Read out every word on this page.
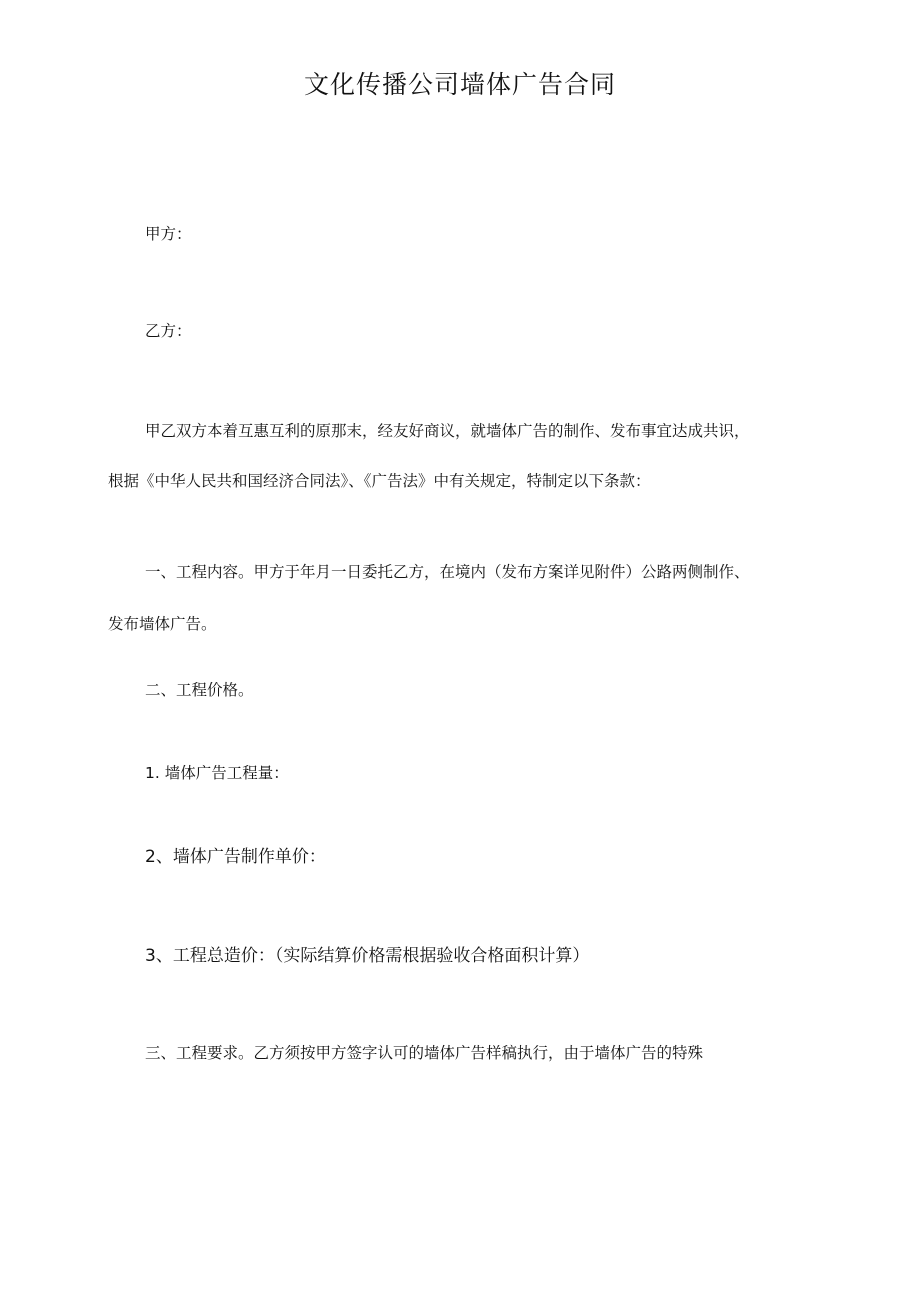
文化传播公司墙体广告合同
甲方：
乙方：
甲乙双方本着互惠互利的原那末，经友好商议，就墙体广告的制作、发布事宜达成共识，
根据《中华人民共和国经济合同法》、《广告法》中有关规定，特制定以下条款：
一、工程内容。甲方于年月一日委托乙方，在境内（发布方案详见附件）公路两侧制作、
发布墙体广告。
二、工程价格。
1. 墙体广告工程量：
2、墙体广告制作单价：
3、工程总造价：（实际结算价格需根据验收合格面积计算）
三、工程要求。乙方须按甲方签字认可的墙体广告样稿执行，由于墙体广告的特殊
